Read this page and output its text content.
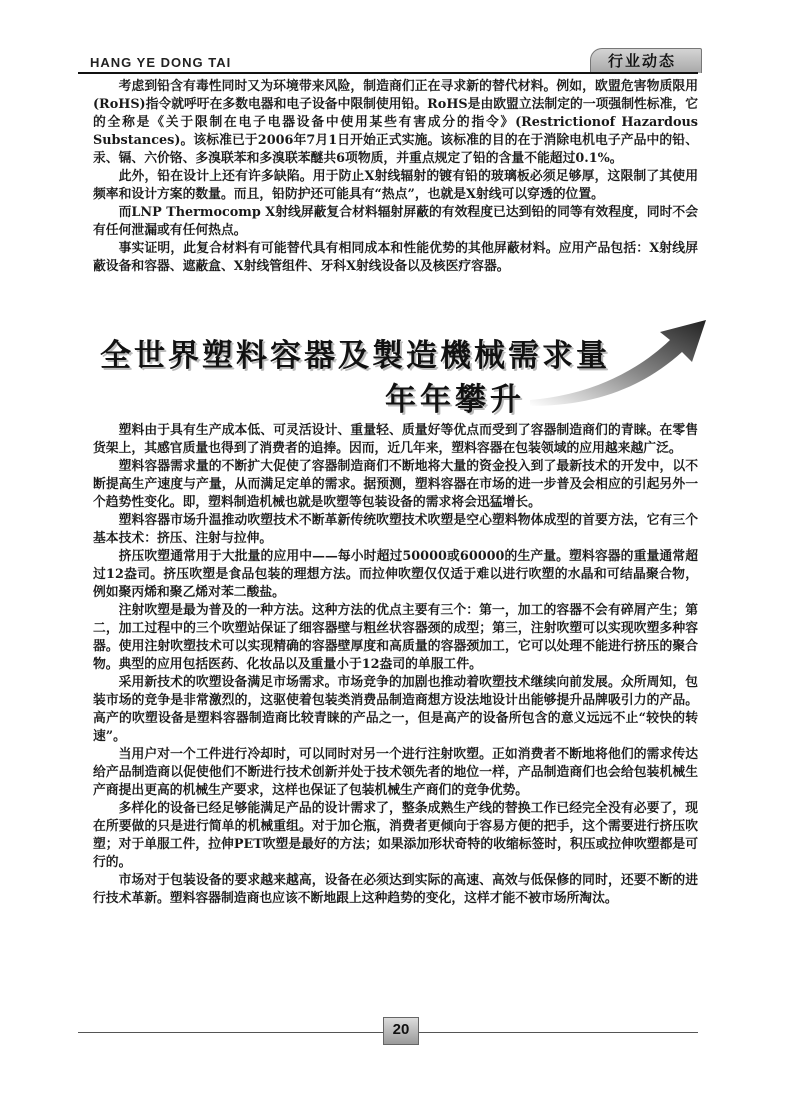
HANG YE DONG TAI	行业动态

考虑到铅含有毒性同时又为环境带来风险，制造商们正在寻求新的替代材料。例如，欧盟危害物质限用(RoHS)指令就呼吁在多数电器和电子设备中限制使用铅。RoHS是由欧盟立法制定的一项强制性标准，它的全称是《关于限制在电子电器设备中使用某些有害成分的指令》(Restrictionof Hazardous Substances)。该标准已于2006年7月1日开始正式实施。该标准的目的在于消除电机电子产品中的铅、汞、镉、六价铬、多溴联苯和多溴联苯醚共6项物质，并重点规定了铅的含量不能超过0.1%。

此外，铅在设计上还有许多缺陷。用于防止X射线辐射的镀有铅的玻璃板必须足够厚，这限制了其使用频率和设计方案的数量。而且，铅防护还可能具有“热点”，也就是X射线可以穿透的位置。

而LNP Thermocomp X射线屏蔽复合材料辐射屏蔽的有效程度已达到铅的同等有效程度，同时不会有任何泄漏或有任何热点。

事实证明，此复合材料有可能替代具有相同成本和性能优势的其他屏蔽材料。应用产品包括：X射线屏蔽设备和容器、遮蔽盒、X射线管组件、牙科X射线设备以及核医疗容器。

全世界塑料容器及製造機械需求量
年年攀升

塑料由于具有生产成本低、可灵活设计、重量轻、质量好等优点而受到了容器制造商们的青睐。在零售货架上，其感官质量也得到了消费者的追捧。因而，近几年来，塑料容器在包装领域的应用越来越广泛。

塑料容器需求量的不断扩大促使了容器制造商们不断地将大量的资金投入到了最新技术的开发中，以不断提高生产速度与产量，从而满足定单的需求。据预测，塑料容器在市场的进一步普及会相应的引起另外一个趋势性变化。即，塑料制造机械也就是吹塑等包装设备的需求将会迅猛增长。

塑料容器市场升温推动吹塑技术不断革新传统吹塑技术吹塑是空心塑料物体成型的首要方法，它有三个基本技术：挤压、注射与拉伸。

挤压吹塑通常用于大批量的应用中——每小时超过50000或60000的生产量。塑料容器的重量通常超过12盎司。挤压吹塑是食品包装的理想方法。而拉伸吹塑仅仅适于难以进行吹塑的水晶和可结晶聚合物，例如聚丙烯和聚乙烯对苯二酸盐。

注射吹塑是最为普及的一种方法。这种方法的优点主要有三个：第一，加工的容器不会有碎屑产生；第二，加工过程中的三个吹塑站保证了细容器壁与粗丝状容器颈的成型；第三，注射吹塑可以实现吹塑多种容器。使用注射吹塑技术可以实现精确的容器壁厚度和高质量的容器颈加工，它可以处理不能进行挤压的聚合物。典型的应用包括医药、化妆品以及重量小于12盎司的单服工件。

采用新技术的吹塑设备满足市场需求。市场竞争的加剧也推动着吹塑技术继续向前发展。众所周知，包装市场的竞争是非常激烈的，这驱使着包装类消费品制造商想方设法地设计出能够提升品牌吸引力的产品。高产的吹塑设备是塑料容器制造商比较青睐的产品之一，但是高产的设备所包含的意义远远不止“较快的转速”。

当用户对一个工件进行冷却时，可以同时对另一个进行注射吹塑。正如消费者不断地将他们的需求传达给产品制造商以促使他们不断进行技术创新并处于技术领先者的地位一样，产品制造商们也会给包装机械生产商提出更高的机械生产要求，这样也保证了包装机械生产商们的竞争优势。

多样化的设备已经足够能满足产品的设计需求了，整条成熟生产线的替换工作已经完全没有必要了，现在所要做的只是进行简单的机械重组。对于加仑瓶，消费者更倾向于容易方便的把手，这个需要进行挤压吹塑；对于单服工件，拉伸PET吹塑是最好的方法；如果添加形状奇特的收缩标签时，积压或拉伸吹塑都是可行的。

市场对于包装设备的要求越来越高，设备在必须达到实际的高速、高效与低保修的同时，还要不断的进行技术革新。塑料容器制造商也应该不断地跟上这种趋势的变化，这样才能不被市场所淘汰。

20
